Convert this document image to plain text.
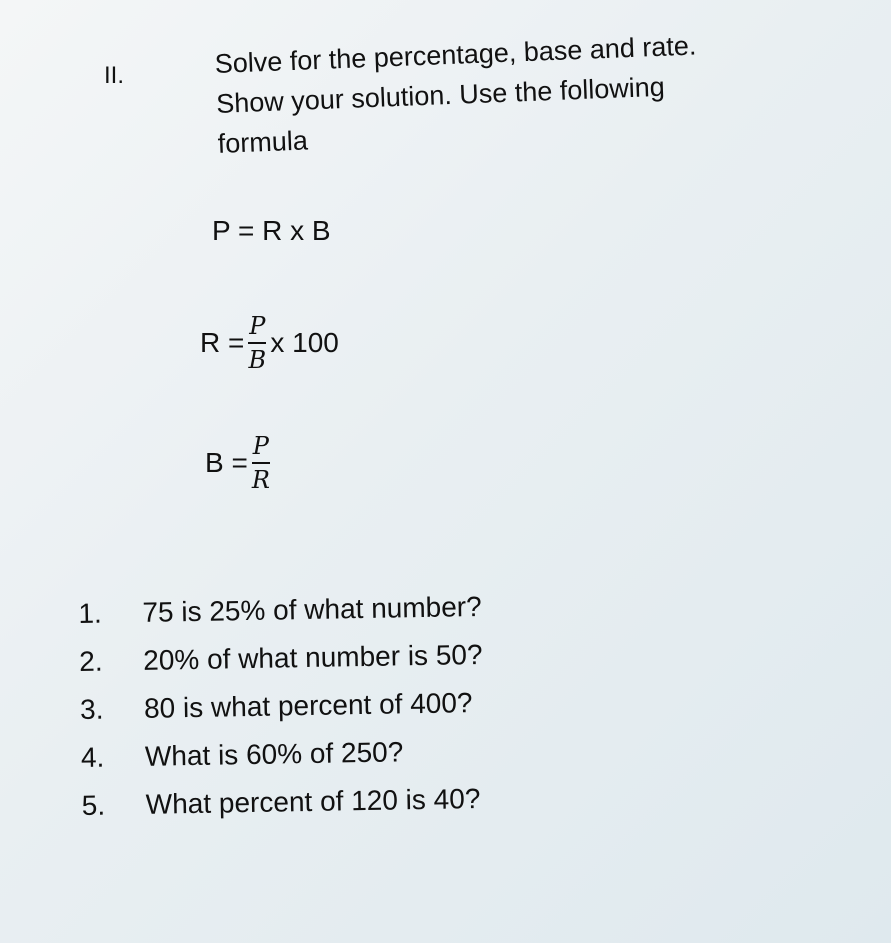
II.	Solve for the percentage, base and rate.

Show your solution. Use the following

formula

P = R x B
$R = \frac{P}{B}$ x 100
$B = \frac{P}{R}$
1.	75 is 25% of what number?
2.	20% of what number is 50?
3.	80 is what percent of 400?
4.	What is 60% of 250?
5.	What percent of 120 is 40?
